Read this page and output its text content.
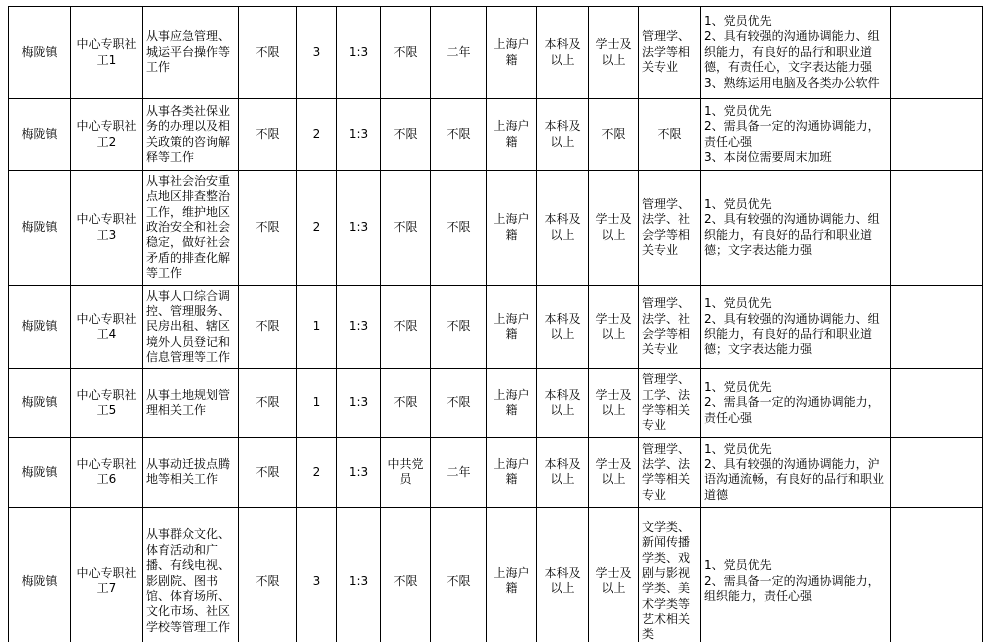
梅陇镇	中心专职社工1	从事应急管理、城运平台操作等工作	不限	3	1:3	不限	二年	上海户籍	本科及以上	学士及以上	管理学、法学等相关专业	1、党员优先
2、具有较强的沟通协调能力、组织能力，有良好的品行和职业道德，有责任心，文字表达能力强
3、熟练运用电脑及各类办公软件	

梅陇镇	中心专职社工2	从事各类社保业务的办理以及相关政策的咨询解释等工作	不限	2	1:3	不限	不限	上海户籍	本科及以上	不限	不限	1、党员优先
2、需具备一定的沟通协调能力，责任心强
3、本岗位需要周末加班	

梅陇镇	中心专职社工3	从事社会治安重点地区排查整治工作，维护地区政治安全和社会稳定，做好社会矛盾的排查化解等工作	不限	2	1:3	不限	不限	上海户籍	本科及以上	学士及以上	管理学、法学、社会学等相关专业	1、党员优先
2、具有较强的沟通协调能力、组织能力，有良好的品行和职业道德；文字表达能力强	

梅陇镇	中心专职社工4	从事人口综合调控、管理服务、民房出租、辖区境外人员登记和信息管理等工作	不限	1	1:3	不限	不限	上海户籍	本科及以上	学士及以上	管理学、法学、社会学等相关专业	1、党员优先
2、具有较强的沟通协调能力、组织能力，有良好的品行和职业道德；文字表达能力强	

梅陇镇	中心专职社工5	从事土地规划管理相关工作	不限	1	1:3	不限	不限	上海户籍	本科及以上	学士及以上	管理学、工学、法学等相关专业	1、党员优先
2、需具备一定的沟通协调能力，责任心强	

梅陇镇	中心专职社工6	从事动迁拔点腾地等相关工作	不限	2	1:3	中共党员	二年	上海户籍	本科及以上	学士及以上	管理学、法学、法学等相关专业	1、党员优先
2、具有较强的沟通协调能力，沪语沟通流畅，有良好的品行和职业道德	

梅陇镇	中心专职社工7	从事群众文化、体育活动和广播、有线电视、影剧院、图书馆、体育场所、文化市场、社区学校等管理工作	不限	3	1:3	不限	不限	上海户籍	本科及以上	学士及以上	文学类、新闻传播学类、戏剧与影视学类、美术学类等艺术相关类	1、党员优先
2、需具备一定的沟通协调能力，组织能力，责任心强	
